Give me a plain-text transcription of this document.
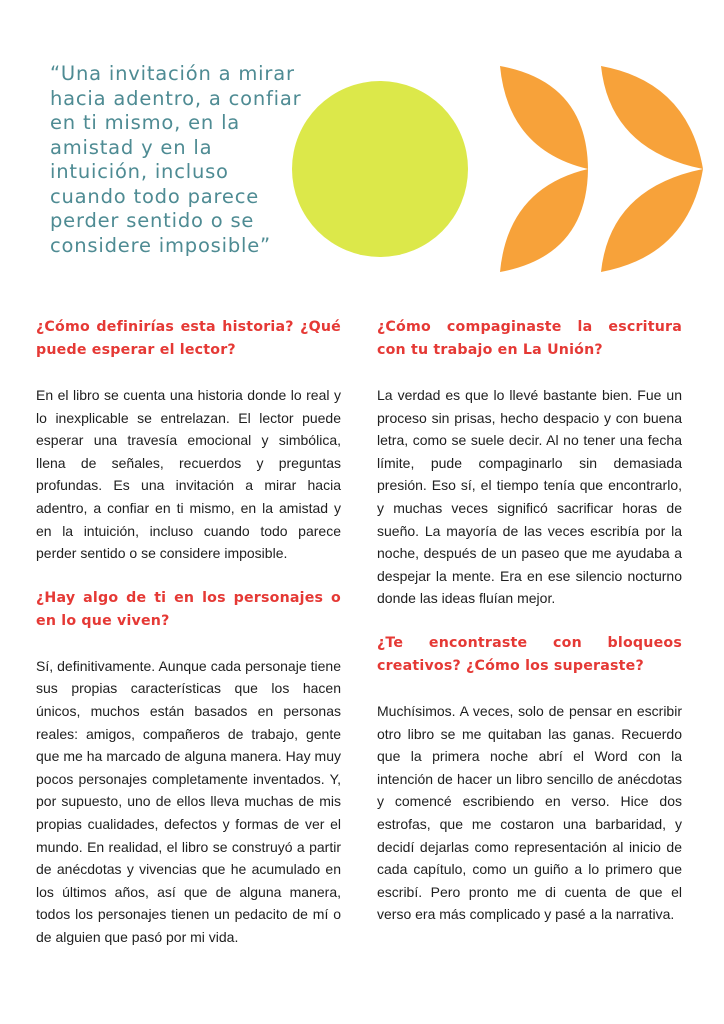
“Una invitación a mirar hacia adentro, a confiar en ti mismo, en la amistad y en la intuición, incluso cuando todo parece perder sentido o se considere imposible”

¿Cómo definirías esta historia? ¿Qué puede esperar el lector?

En el libro se cuenta una historia donde lo real y lo inexplicable se entrelazan. El lector puede esperar una travesía emocional y simbólica, llena de señales, recuerdos y preguntas profundas. Es una invitación a mirar hacia adentro, a confiar en ti mismo, en la amistad y en la intuición, incluso cuando todo parece perder sentido o se considere imposible.

¿Hay algo de ti en los personajes o en lo que viven?

Sí, definitivamente. Aunque cada personaje tiene sus propias características que los hacen únicos, muchos están basados en personas reales: amigos, compañeros de trabajo, gente que me ha marcado de alguna manera. Hay muy pocos personajes completamente inventados. Y, por supuesto, uno de ellos lleva muchas de mis propias cualidades, defectos y formas de ver el mundo. En realidad, el libro se construyó a partir de anécdotas y vivencias que he acumulado en los últimos años, así que de alguna manera, todos los personajes tienen un pedacito de mí o de alguien que pasó por mi vida.

¿Cómo compaginaste la escritura con tu trabajo en La Unión?

La verdad es que lo llevé bastante bien. Fue un proceso sin prisas, hecho despacio y con buena letra, como se suele decir. Al no tener una fecha límite, pude compaginarlo sin demasiada presión. Eso sí, el tiempo tenía que encontrarlo, y muchas veces significó sacrificar horas de sueño. La mayoría de las veces escribía por la noche, después de un paseo que me ayudaba a despejar la mente. Era en ese silencio nocturno donde las ideas fluían mejor.

¿Te encontraste con bloqueos creativos? ¿Cómo los superaste?

Muchísimos. A veces, solo de pensar en escribir otro libro se me quitaban las ganas. Recuerdo que la primera noche abrí el Word con la intención de hacer un libro sencillo de anécdotas y comencé escribiendo en verso. Hice dos estrofas, que me costaron una barbaridad, y decidí dejarlas como representación al inicio de cada capítulo, como un guiño a lo primero que escribí. Pero pronto me di cuenta de que el verso era más complicado y pasé a la narrativa.
